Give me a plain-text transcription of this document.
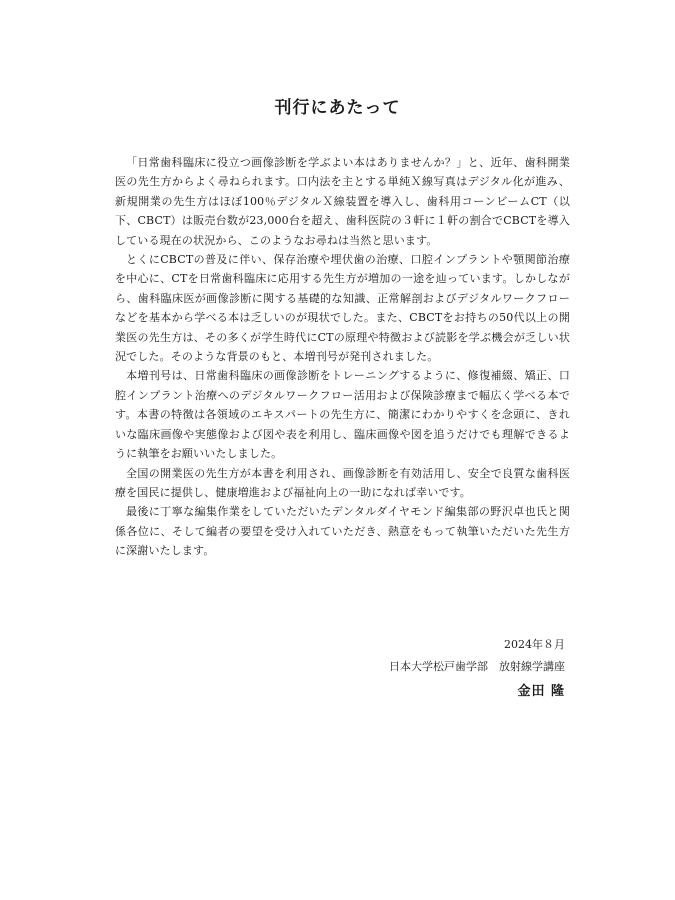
刊行にあたって

「日常歯科臨床に役立つ画像診断を学ぶよい本はありませんか？」と、近年、歯科開業医の先生方からよく尋ねられます。口内法を主とする単純Ｘ線写真はデジタル化が進み、新規開業の先生方はほぼ100％デジタルＸ線装置を導入し、歯科用コーンビームCT（以下、CBCT）は販売台数が23,000台を超え、歯科医院の３軒に１軒の割合でCBCTを導入している現在の状況から、このようなお尋ねは当然と思います。

とくにCBCTの普及に伴い、保存治療や埋伏歯の治療、口腔インプラントや顎関節治療を中心に、CTを日常歯科臨床に応用する先生方が増加の一途を辿っています。しかしながら、歯科臨床医が画像診断に関する基礎的な知識、正常解剖およびデジタルワークフローなどを基本から学べる本は乏しいのが現状でした。また、CBCTをお持ちの50代以上の開業医の先生方は、その多くが学生時代にCTの原理や特徴および読影を学ぶ機会が乏しい状況でした。そのような背景のもと、本増刊号が発刊されました。

本増刊号は、日常歯科臨床の画像診断をトレーニングするように、修復補綴、矯正、口腔インプラント治療へのデジタルワークフロー活用および保険診療まで幅広く学べる本です。本書の特徴は各領域のエキスパートの先生方に、簡潔にわかりやすくを念頭に、きれいな臨床画像や実態像および図や表を利用し、臨床画像や図を追うだけでも理解できるように執筆をお願いいたしました。

全国の開業医の先生方が本書を利用され、画像診断を有効活用し、安全で良質な歯科医療を国民に提供し、健康増進および福祉向上の一助になれば幸いです。

最後に丁寧な編集作業をしていただいたデンタルダイヤモンド編集部の野沢卓也氏と関係各位に、そして編者の要望を受け入れていただき、熱意をもって執筆いただいた先生方に深謝いたします。

2024年８月
日本大学松戸歯学部　放射線学講座
金田 隆
